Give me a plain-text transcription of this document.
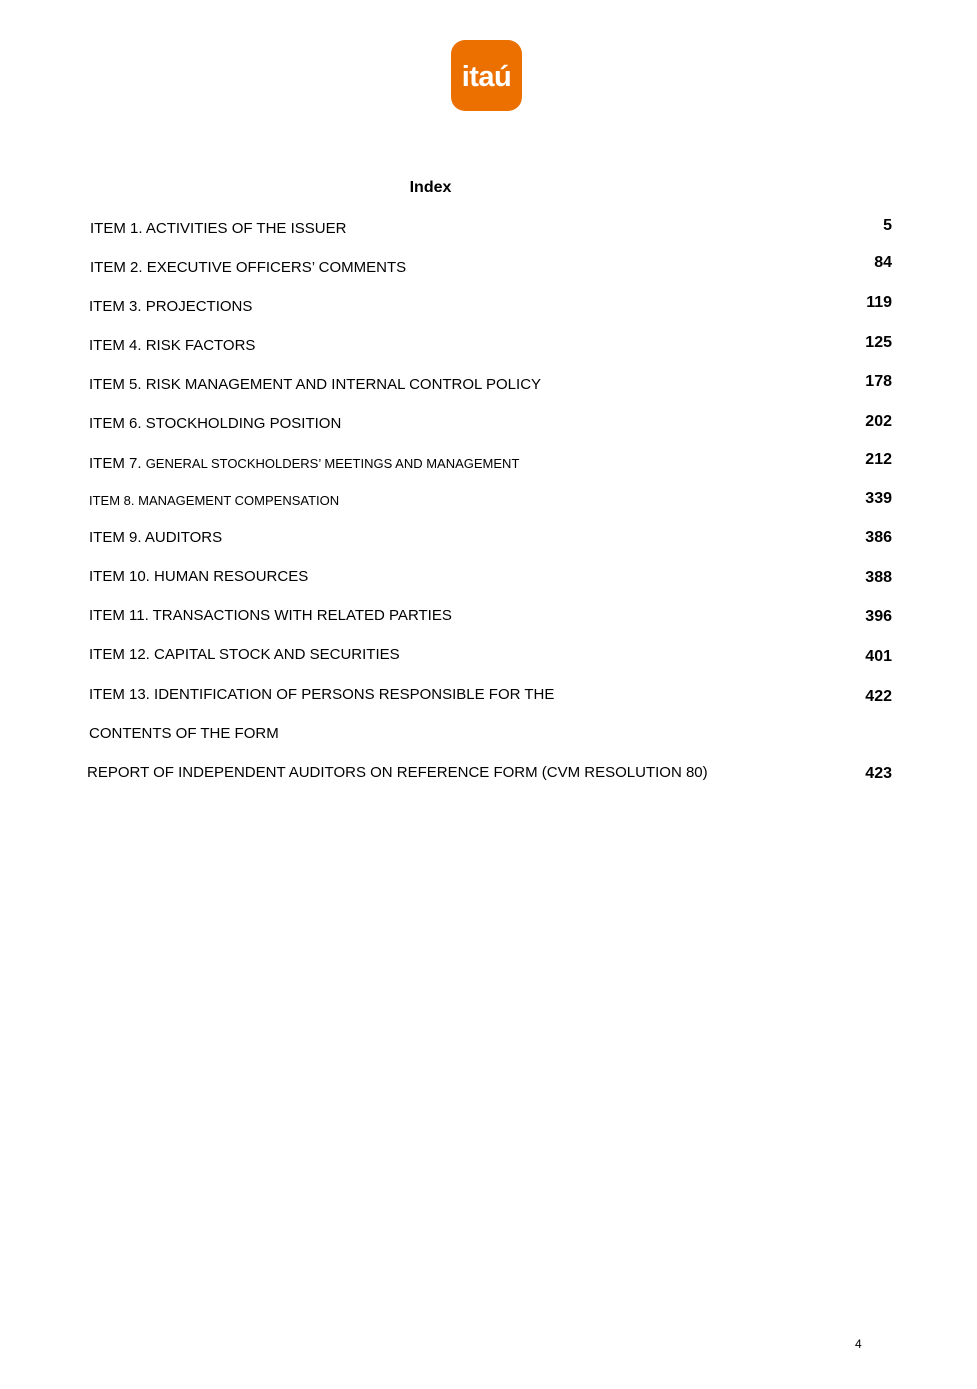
itaú
Index
ITEM 1. ACTIVITIES OF THE ISSUER	5
ITEM 2. EXECUTIVE OFFICERS’ COMMENTS	84
ITEM 3. PROJECTIONS	119
ITEM 4. RISK FACTORS	125
ITEM 5. RISK MANAGEMENT AND INTERNAL CONTROL POLICY	178
ITEM 6. STOCKHOLDING POSITION	202
ITEM 7. GENERAL STOCKHOLDERS’ MEETINGS AND MANAGEMENT	212
ITEM 8. MANAGEMENT COMPENSATION	339
ITEM 9. AUDITORS	386
ITEM 10. HUMAN RESOURCES	388
ITEM 11. TRANSACTIONS WITH RELATED PARTIES	396
ITEM 12. CAPITAL STOCK AND SECURITIES	401
ITEM 13. IDENTIFICATION OF PERSONS RESPONSIBLE FOR THE	422
CONTENTS OF THE FORM
REPORT OF INDEPENDENT AUDITORS ON REFERENCE FORM (CVM RESOLUTION 80)	423
4
